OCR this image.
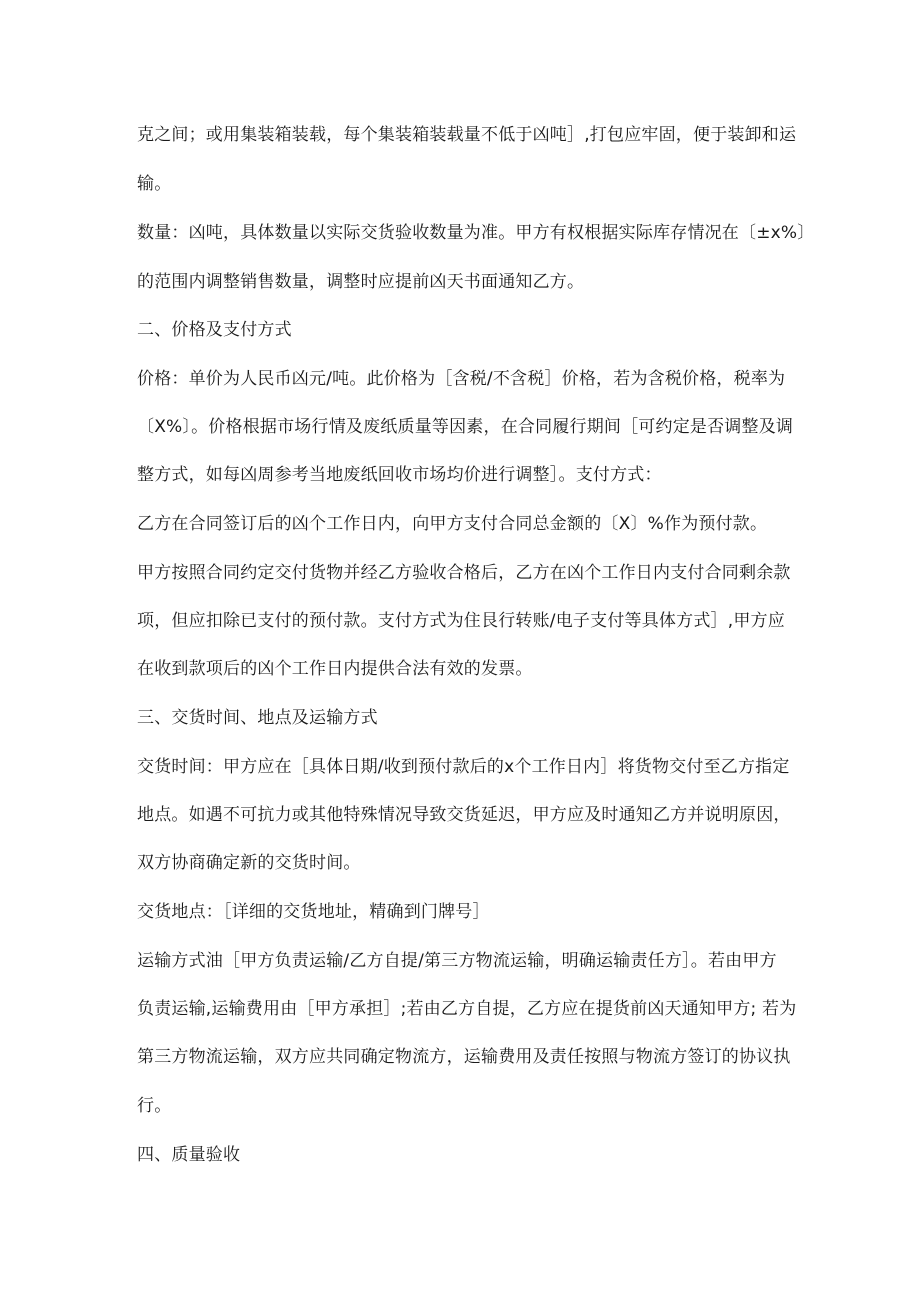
克之间；或用集装箱装载，每个集装箱装载量不低于凶吨］,打包应牢固，便于装卸和运
输。
数量：凶吨，具体数量以实际交货验收数量为准。甲方有权根据实际库存情况在〔±x%〕
的范围内调整销售数量，调整时应提前凶天书面通知乙方。
二、价格及支付方式
价格：单价为人民币凶元/吨。此价格为［含税/不含税］价格，若为含税价格，税率为
〔X%〕。价格根据市场行情及废纸质量等因素，在合同履行期间［可约定是否调整及调
整方式，如每凶周参考当地废纸回收市场均价进行调整］。支付方式：
乙方在合同签订后的凶个工作日内，向甲方支付合同总金额的〔X〕%作为预付款。
甲方按照合同约定交付货物并经乙方验收合格后，乙方在凶个工作日内支付合同剩余款
项，但应扣除已支付的预付款。支付方式为住艮行转账/电子支付等具体方式］,甲方应
在收到款项后的凶个工作日内提供合法有效的发票。
三、交货时间、地点及运输方式
交货时间：甲方应在［具体日期/收到预付款后的x个工作日内］将货物交付至乙方指定
地点。如遇不可抗力或其他特殊情况导致交货延迟，甲方应及时通知乙方并说明原因，
双方协商确定新的交货时间。
交货地点：［详细的交货地址，精确到门牌号］
运输方式油［甲方负责运输/乙方自提/第三方物流运输，明确运输责任方］。若由甲方
负责运输,运输费用由［甲方承担］;若由乙方自提，乙方应在提货前凶天通知甲方; 若为
第三方物流运输，双方应共同确定物流方，运输费用及责任按照与物流方签订的协议执
行。
四、质量验收
